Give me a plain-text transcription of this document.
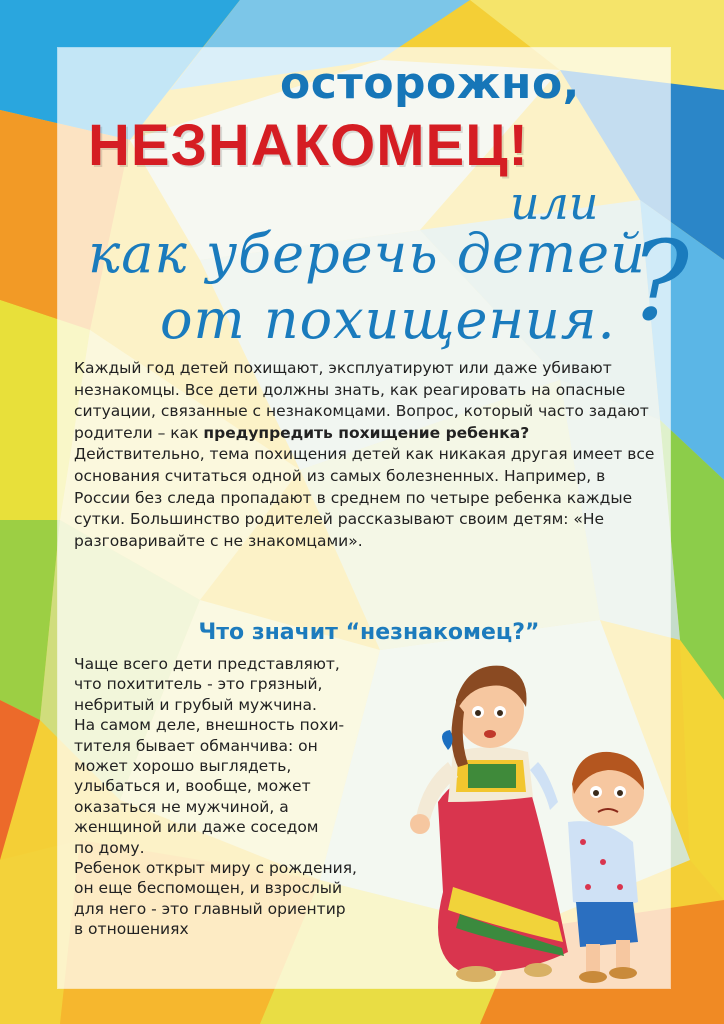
осторожно,
НЕЗНАКОМЕЦ!
или
как уберечь детей
от похищения. ?
Каждый год детей похищают, эксплуатируют или даже убивают незнакомцы. Все дети должны знать, как реагировать на опасные ситуации, связанные с незнакомцами. Вопрос, который часто задают родители – как предупредить похищение ребенка? Действительно, тема похищения детей как никакая другая имеет все основания считаться одной из самых болезненных. Например, в России без следа пропадают в среднем по четыре ребенка каждые сутки. Большинство родителей рассказывают своим детям: «Не разговаривайте с не знакомцами».
Что значит “незнакомец?”

Чаще всего дети представляют,

что похититель - это грязный,

небритый и грубый мужчина.

На самом деле, внешность похи-

тителя бывает обманчива: он

может хорошо выглядеть,

улыбаться и, вообще, может

оказаться не мужчиной, а

женщиной или даже соседом

по дому.

Ребенок открыт миру с рождения,

он еще беспомощен, и взрослый

для него - это главный ориентир

в отношениях
